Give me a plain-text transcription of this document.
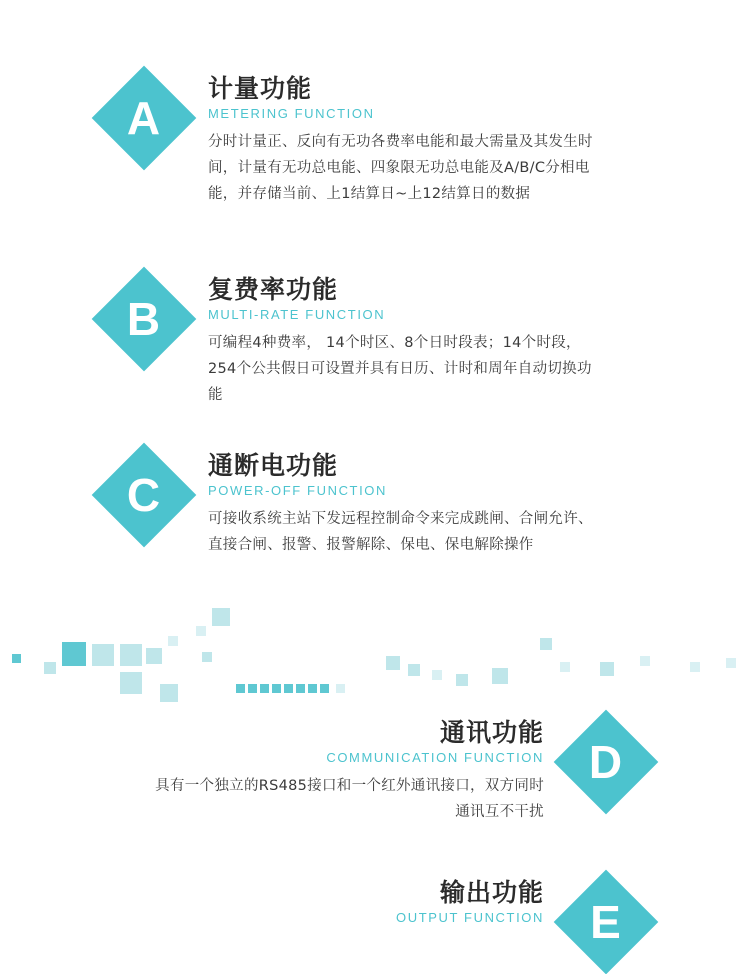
A
计量功能
METERING FUNCTION
分时计量正、反向有无功各费率电能和最大需量及其发生时间，计量有无功总电能、四象限无功总电能及A/B/C分相电能，并存储当前、上1结算日~上12结算日的数据
B
复费率功能
MULTI-RATE FUNCTION
可编程4种费率， 14个时区、8个日时段表；14个时段，254个公共假日可设置并具有日历、计时和周年自动切换功能
C
通断电功能
POWER-OFF FUNCTION
可接收系统主站下发远程控制命令来完成跳闸、合闸允许、直接合闸、报警、报警解除、保电、保电解除操作
D
通讯功能
COMMUNICATION FUNCTION
具有一个独立的RS485接口和一个红外通讯接口，双方同时通讯互不干扰
E
输出功能
OUTPUT FUNCTION
